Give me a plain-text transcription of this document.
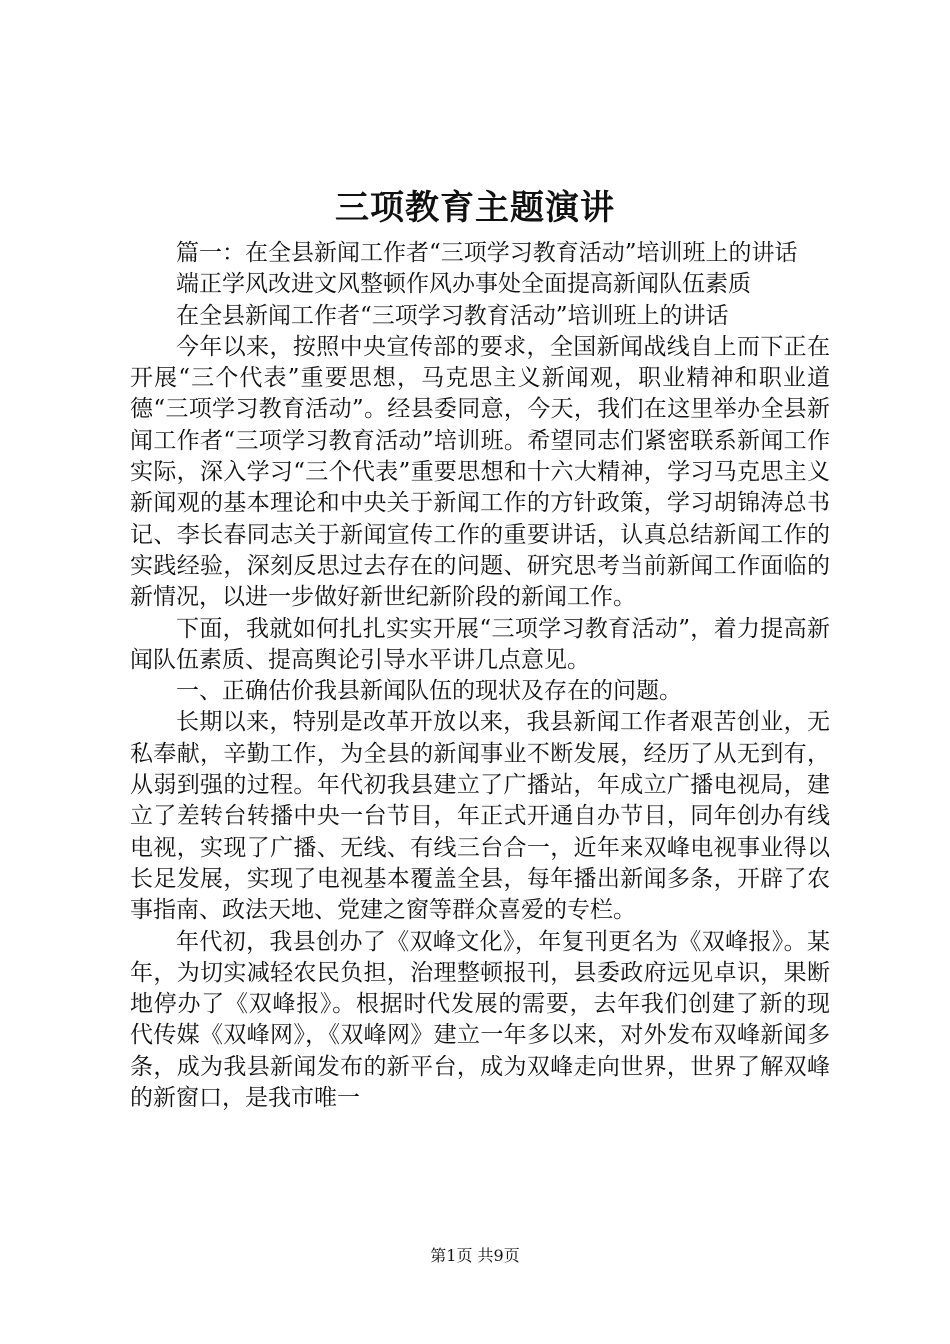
三项教育主题演讲

篇一：在全县新闻工作者“三项学习教育活动”培训班上的讲话

端正学风改进文风整顿作风办事处全面提高新闻队伍素质

在全县新闻工作者“三项学习教育活动”培训班上的讲话

今年以来，按照中央宣传部的要求，全国新闻战线自上而下正在开展“三个代表”重要思想，马克思主义新闻观，职业精神和职业道德“三项学习教育活动”。经县委同意，今天，我们在这里举办全县新闻工作者“三项学习教育活动”培训班。希望同志们紧密联系新闻工作实际，深入学习“三个代表”重要思想和十六大精神，学习马克思主义新闻观的基本理论和中央关于新闻工作的方针政策，学习胡锦涛总书记、李长春同志关于新闻宣传工作的重要讲话，认真总结新闻工作的实践经验，深刻反思过去存在的问题、研究思考当前新闻工作面临的新情况，以进一步做好新世纪新阶段的新闻工作。

下面，我就如何扎扎实实开展“三项学习教育活动”，着力提高新闻队伍素质、提高舆论引导水平讲几点意见。

一、正确估价我县新闻队伍的现状及存在的问题。

长期以来，特别是改革开放以来，我县新闻工作者艰苦创业，无私奉献，辛勤工作，为全县的新闻事业不断发展，经历了从无到有，从弱到强的过程。年代初我县建立了广播站，年成立广播电视局，建立了差转台转播中央一台节目，年正式开通自办节目，同年创办有线电视，实现了广播、无线、有线三台合一，近年来双峰电视事业得以长足发展，实现了电视基本覆盖全县，每年播出新闻多条，开辟了农事指南、政法天地、党建之窗等群众喜爱的专栏。

年代初，我县创办了《双峰文化》，年复刊更名为《双峰报》。某年，为切实减轻农民负担，治理整顿报刊，县委政府远见卓识，果断地停办了《双峰报》。根据时代发展的需要，去年我们创建了新的现代传媒《双峰网》，《双峰网》建立一年多以来，对外发布双峰新闻多条，成为我县新闻发布的新平台，成为双峰走向世界，世界了解双峰的新窗口，是我市唯一

第1页 共9页
